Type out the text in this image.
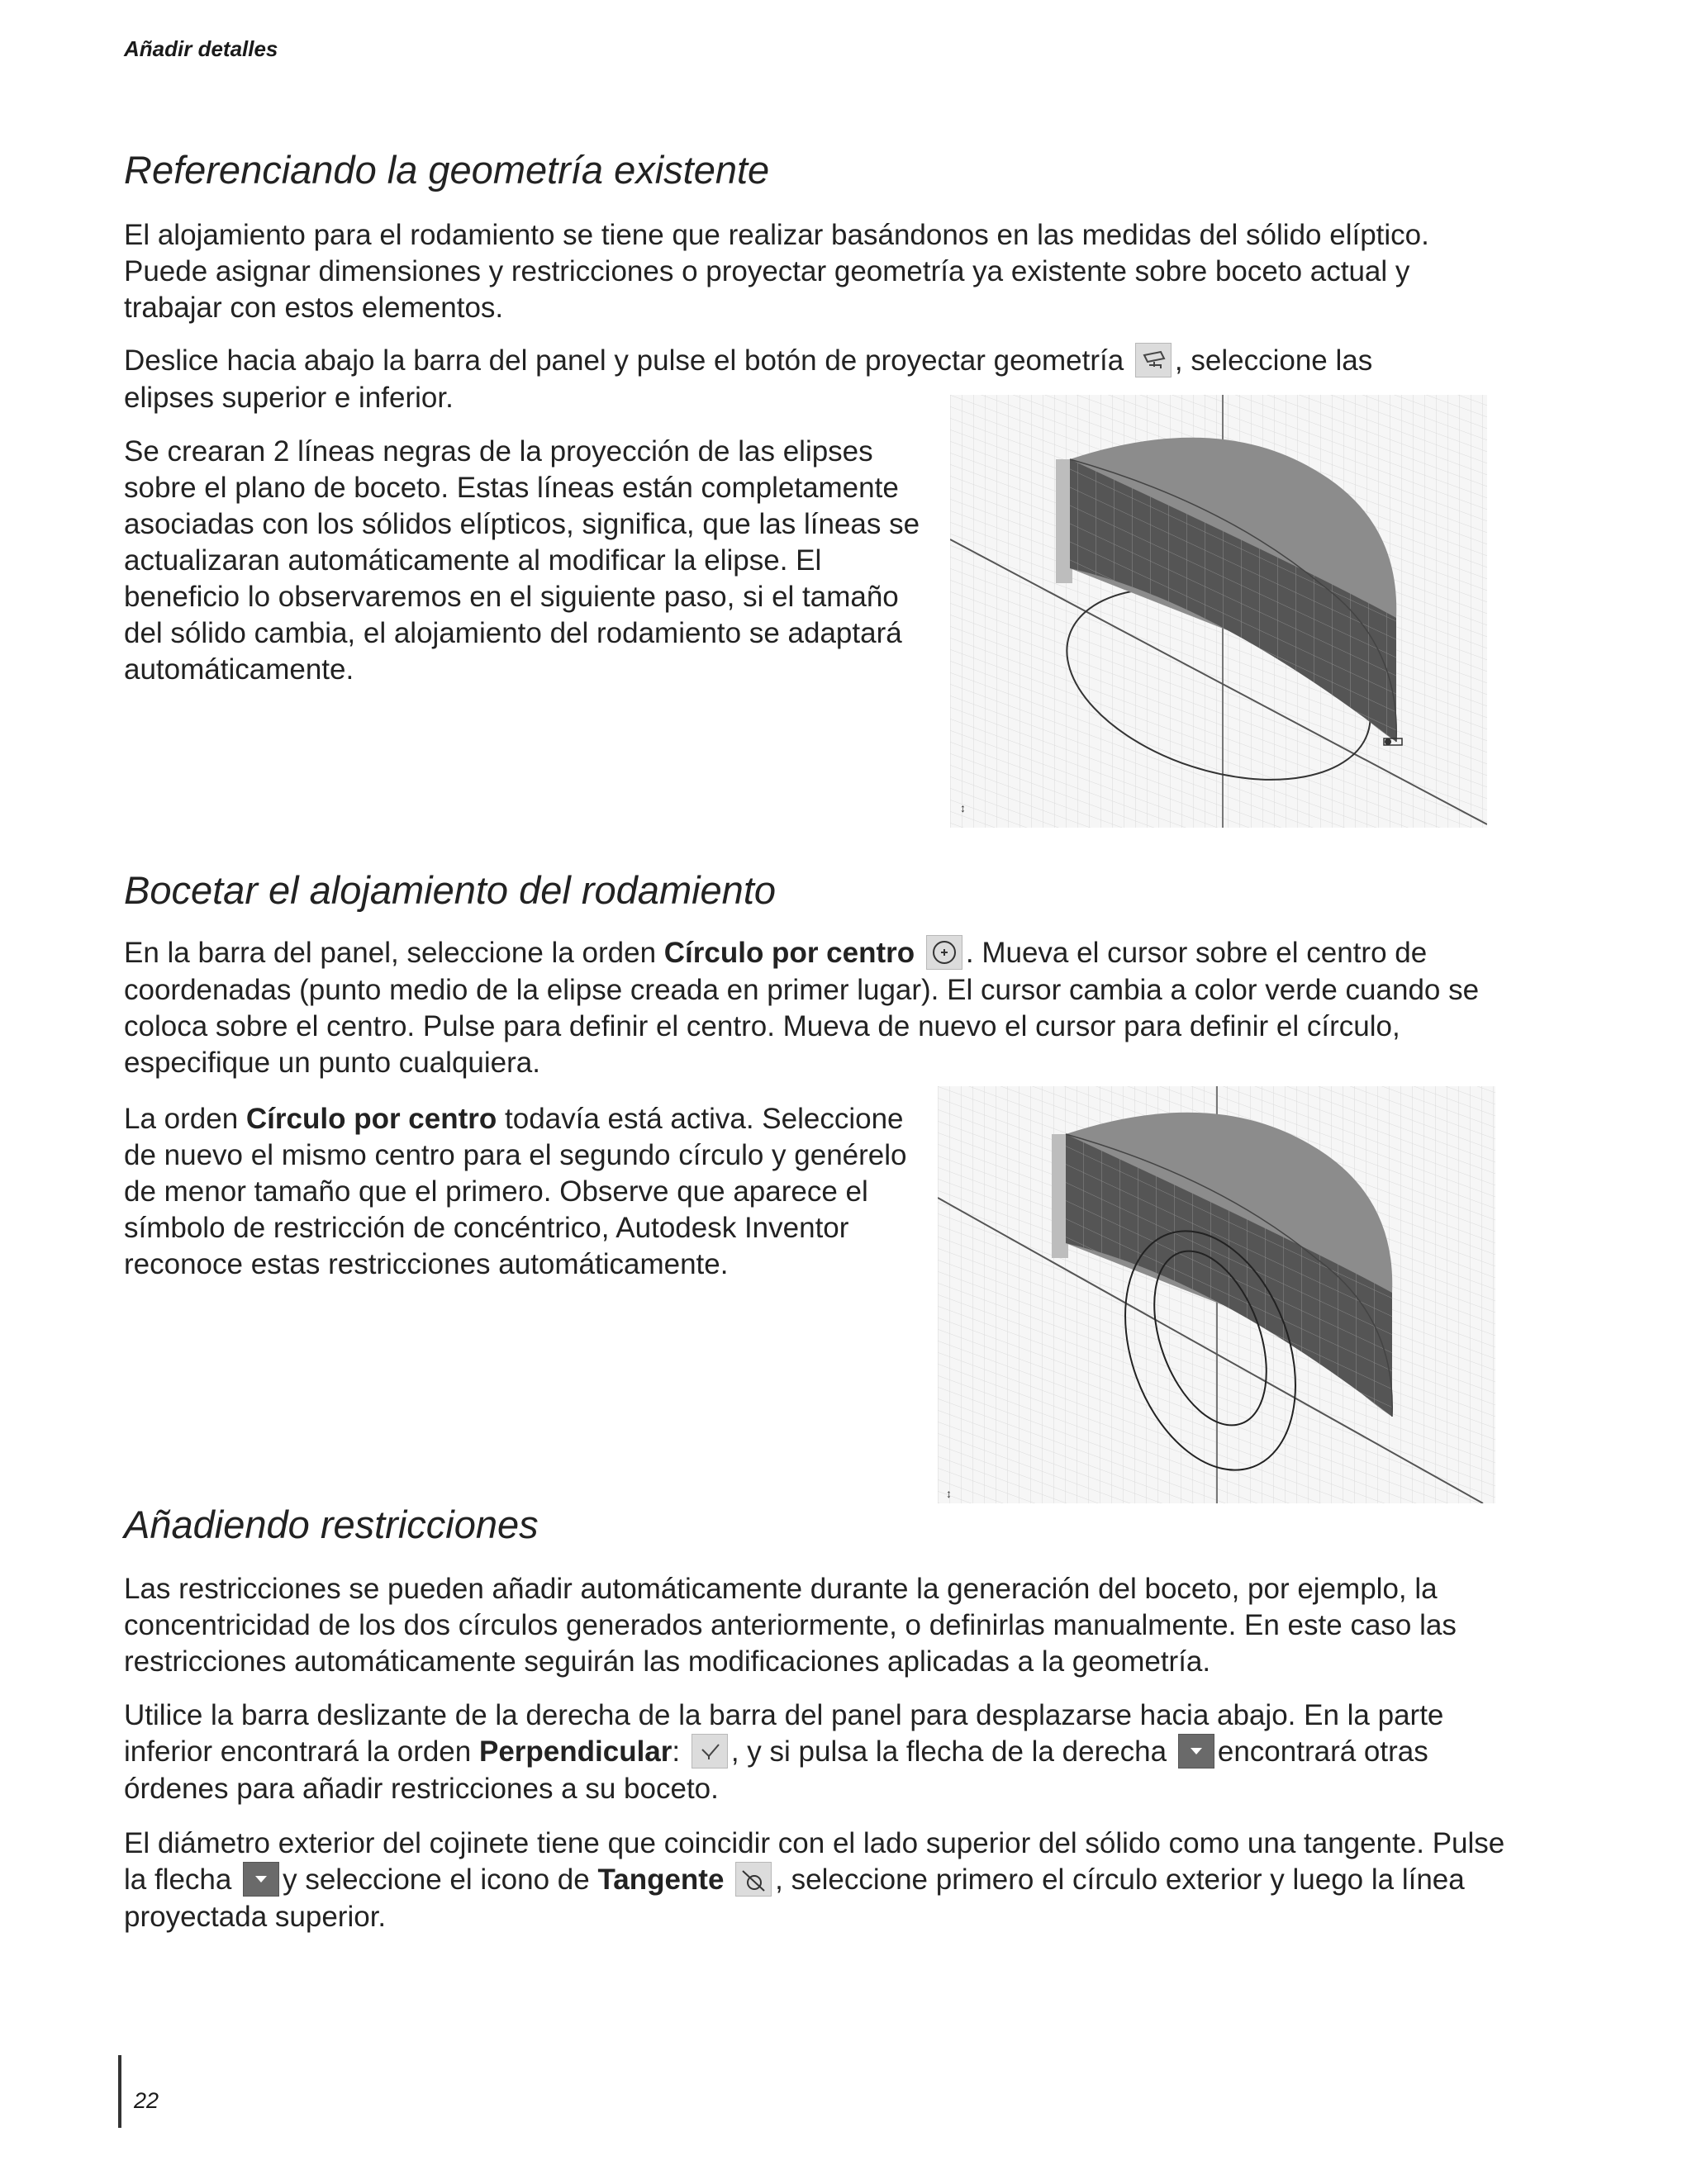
Añadir detalles
Referenciando la geometría existente

El alojamiento para el rodamiento se tiene que realizar basándonos en las medidas del sólido elíptico. Puede asignar dimensiones y restricciones o proyectar geometría ya existente sobre boceto actual y trabajar con estos elementos.

Deslice hacia abajo la barra del panel y pulse el botón de proyectar geometría , seleccione las
elipses superior e inferior.

Se crearan 2 líneas negras de la proyección de las elipses sobre el plano de boceto. Estas líneas están completamente asociadas con los sólidos elípticos, significa, que las líneas se actualizaran automáticamente al modificar la elipse. El beneficio lo observaremos en el siguiente paso, si el tamaño del sólido cambia, el alojamiento del rodamiento se adaptará automáticamente.

↕
Bocetar el alojamiento del rodamiento

En la barra del panel, seleccione la orden Círculo por centro . Mueva el cursor sobre el centro de coordenadas (punto medio de la elipse creada en primer lugar). El cursor cambia a color verde cuando se coloca sobre el centro. Pulse para definir el centro. Mueva de nuevo el cursor para definir el círculo, especifique un punto cualquiera.

La orden Círculo por centro todavía está activa. Seleccione de nuevo el mismo centro para el segundo círculo y genérelo de menor tamaño que el primero. Observe que aparece el símbolo de restricción de concéntrico, Autodesk Inventor reconoce estas restricciones automáticamente.

↕
Añadiendo restricciones

Las restricciones se pueden añadir automáticamente durante la generación del boceto, por ejemplo, la concentricidad de los dos círculos generados anteriormente, o definirlas manualmente. En este caso las restricciones automáticamente seguirán las modificaciones aplicadas a la geometría.

Utilice la barra deslizante de la derecha de la barra del panel para desplazarse hacia abajo. En la parte inferior encontrará la orden Perpendicular: , y si pulsa la flecha de la derecha encontrará otras órdenes para añadir restricciones a su boceto.

El diámetro exterior del cojinete tiene que coincidir con el lado superior del sólido como una tangente. Pulse la flecha y seleccione el icono de Tangente , seleccione primero el círculo exterior y luego la línea proyectada superior.

22
